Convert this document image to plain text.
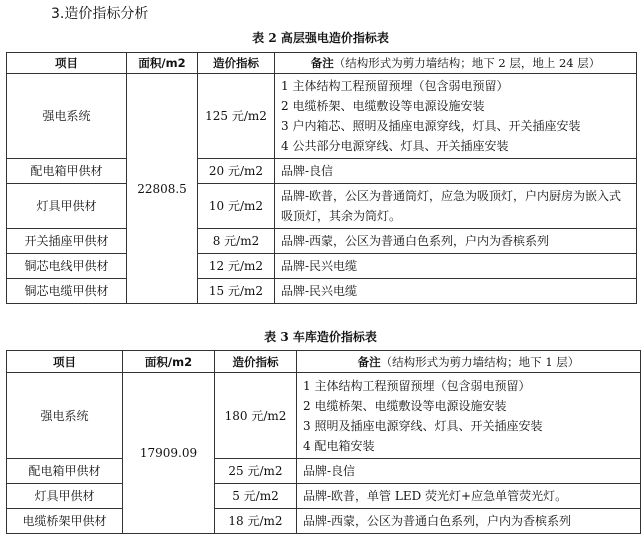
3.造价指标分析
表 2 高层强电造价指标表
项目	面积/m2	造价指标	备注（结构形式为剪力墙结构；地下 2 层，地上 24 层）
强电系统	22808.5	125 元/m2	1 主体结构工程预留预埋（包含弱电预留）
2 电缆桥架、电缆敷设等电源设施安装
3 户内箱芯、照明及插座电源穿线，灯具、开关插座安装
4 公共部分电源穿线、灯具、开关插座安装

配电箱甲供材		20 元/m2	品牌-良信

灯具甲供材		10 元/m2	品牌-欧普，公区为普通筒灯，应急为吸顶灯，户内厨房为嵌入式吸顶灯，其余为筒灯。

开关插座甲供材		8 元/m2	品牌-西蒙，公区为普通白色系列，户内为香槟系列

铜芯电线甲供材		12 元/m2	品牌-民兴电缆

铜芯电缆甲供材		15 元/m2	品牌-民兴电缆
表 3 车库造价指标表
项目	面积/m2	造价指标	备注（结构形式为剪力墙结构；地下 1 层）
强电系统	17909.09	180 元/m2	1 主体结构工程预留预埋（包含弱电预留）
2 电缆桥架、电缆敷设等电源设施安装
3 照明及插座电源穿线、灯具、开关插座安装
4 配电箱安装

配电箱甲供材		25 元/m2	品牌-良信

灯具甲供材		5 元/m2	品牌-欧普，单管 LED 荧光灯+应急单管荧光灯。

电缆桥架甲供材		18 元/m2	品牌-西蒙，公区为普通白色系列，户内为香槟系列
